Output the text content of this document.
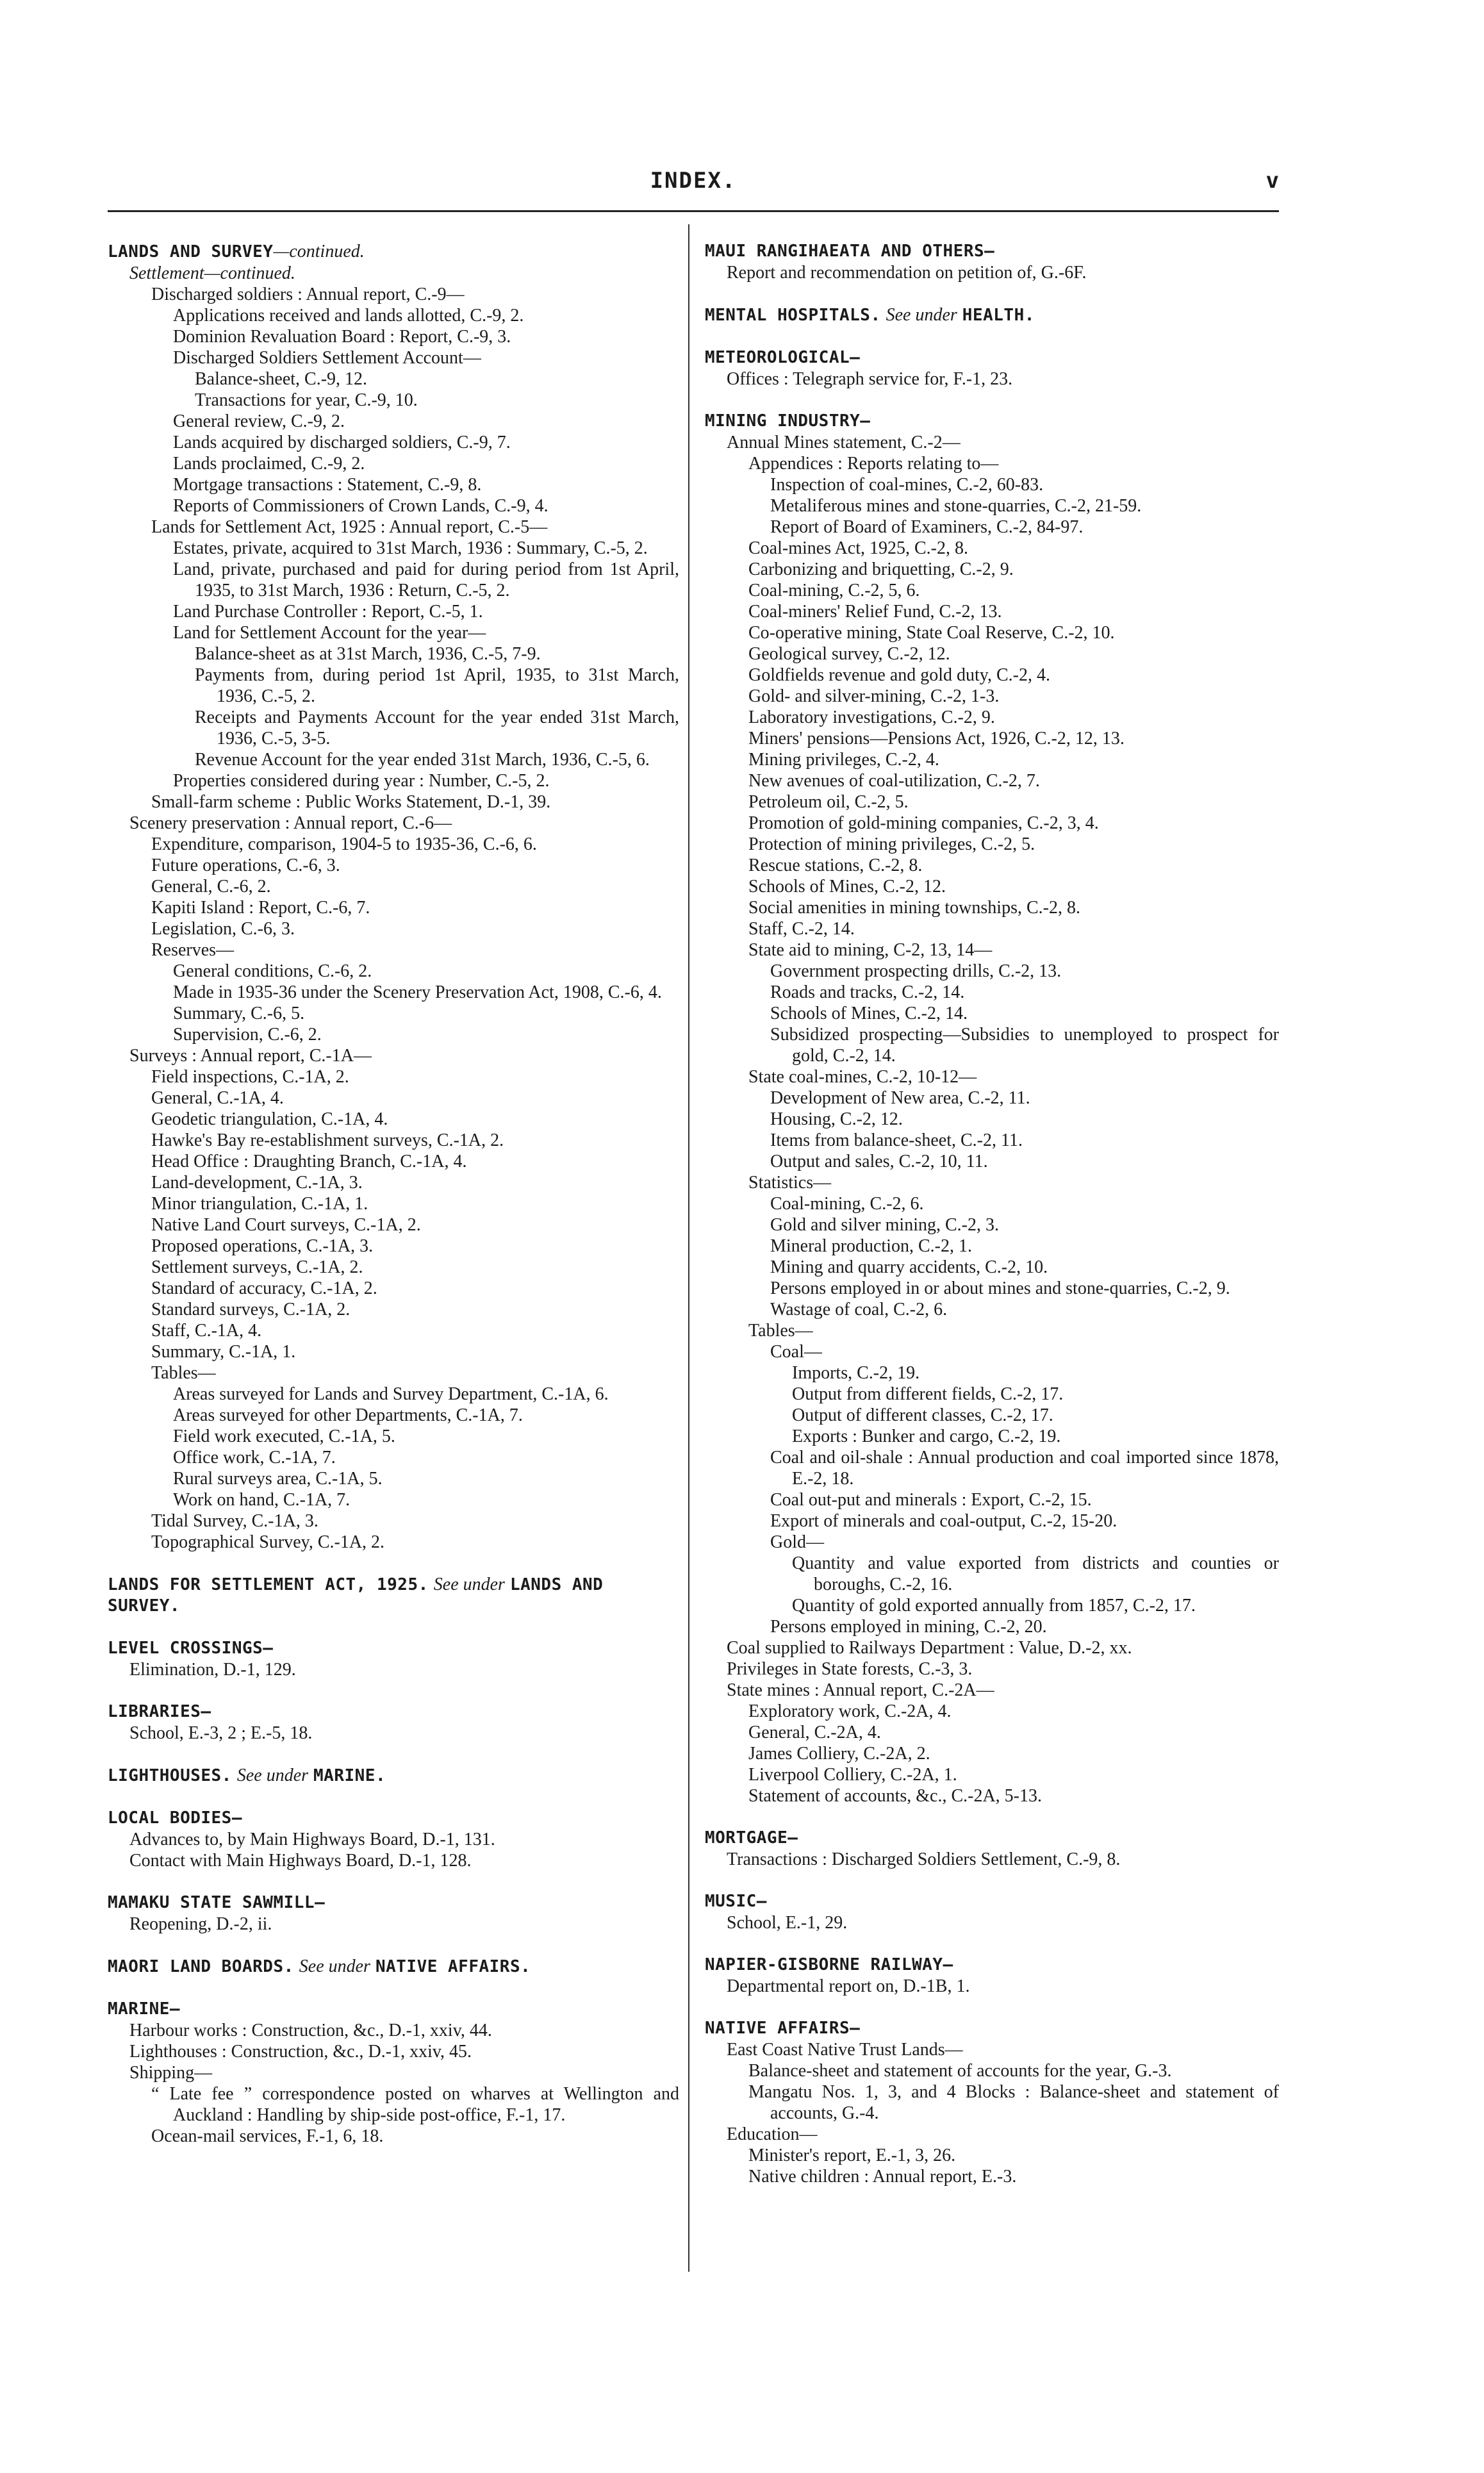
INDEX.	v
LANDS AND SURVEY—continued.
Settlement—continued.
Discharged soldiers : Annual report, C.-9—
Applications received and lands allotted, C.-9, 2.
Dominion Revaluation Board : Report, C.-9, 3.
Discharged Soldiers Settlement Account—
Balance-sheet, C.-9, 12.
Transactions for year, C.-9, 10.
General review, C.-9, 2.
Lands acquired by discharged soldiers, C.-9, 7.
Lands proclaimed, C.-9, 2.
Mortgage transactions : Statement, C.-9, 8.
Reports of Commissioners of Crown Lands, C.-9, 4.
Lands for Settlement Act, 1925 : Annual report, C.-5—
Estates, private, acquired to 31st March, 1936 : Summary, C.-5, 2.
Land, private, purchased and paid for during period from 1st April, 1935, to 31st March, 1936 : Return, C.-5, 2.
Land Purchase Controller : Report, C.-5, 1.
Land for Settlement Account for the year—
Balance-sheet as at 31st March, 1936, C.-5, 7-9.
Payments from, during period 1st April, 1935, to 31st March, 1936, C.-5, 2.
Receipts and Payments Account for the year ended 31st March, 1936, C.-5, 3-5.
Revenue Account for the year ended 31st March, 1936, C.-5, 6.
Properties considered during year : Number, C.-5, 2.
Small-farm scheme : Public Works Statement, D.-1, 39.
Scenery preservation : Annual report, C.-6—
Expenditure, comparison, 1904-5 to 1935-36, C.-6, 6.
Future operations, C.-6, 3.
General, C.-6, 2.
Kapiti Island : Report, C.-6, 7.
Legislation, C.-6, 3.
Reserves—
General conditions, C.-6, 2.
Made in 1935-36 under the Scenery Preservation Act, 1908, C.-6, 4.
Summary, C.-6, 5.
Supervision, C.-6, 2.
Surveys : Annual report, C.-1A—
Field inspections, C.-1A, 2.
General, C.-1A, 4.
Geodetic triangulation, C.-1A, 4.
Hawke's Bay re-establishment surveys, C.-1A, 2.
Head Office : Draughting Branch, C.-1A, 4.
Land-development, C.-1A, 3.
Minor triangulation, C.-1A, 1.
Native Land Court surveys, C.-1A, 2.
Proposed operations, C.-1A, 3.
Settlement surveys, C.-1A, 2.
Standard of accuracy, C.-1A, 2.
Standard surveys, C.-1A, 2.
Staff, C.-1A, 4.
Summary, C.-1A, 1.
Tables—
Areas surveyed for Lands and Survey Department, C.-1A, 6.
Areas surveyed for other Departments, C.-1A, 7.
Field work executed, C.-1A, 5.
Office work, C.-1A, 7.
Rural surveys area, C.-1A, 5.
Work on hand, C.-1A, 7.
Tidal Survey, C.-1A, 3.
Topographical Survey, C.-1A, 2.
LANDS FOR SETTLEMENT ACT, 1925. See under LANDS AND SURVEY.
LEVEL CROSSINGS—
Elimination, D.-1, 129.
LIBRARIES—
School, E.-3, 2 ; E.-5, 18.
LIGHTHOUSES. See under MARINE.
LOCAL BODIES—
Advances to, by Main Highways Board, D.-1, 131.
Contact with Main Highways Board, D.-1, 128.
MAMAKU STATE SAWMILL—
Reopening, D.-2, ii.
MAORI LAND BOARDS. See under NATIVE AFFAIRS.
MARINE—
Harbour works : Construction, &c., D.-1, xxiv, 44.
Lighthouses : Construction, &c., D.-1, xxiv, 45.
Shipping—
“ Late fee ” correspondence posted on wharves at Wellington and Auckland : Handling by ship-side post-office, F.-1, 17.
Ocean-mail services, F.-1, 6, 18.
MAUI RANGIHAEATA AND OTHERS—
Report and recommendation on petition of, G.-6F.
MENTAL HOSPITALS. See under HEALTH.
METEOROLOGICAL—
Offices : Telegraph service for, F.-1, 23.
MINING INDUSTRY—
Annual Mines statement, C.-2—
Appendices : Reports relating to—
Inspection of coal-mines, C.-2, 60-83.
Metaliferous mines and stone-quarries, C.-2, 21-59.
Report of Board of Examiners, C.-2, 84-97.
Coal-mines Act, 1925, C.-2, 8.
Carbonizing and briquetting, C.-2, 9.
Coal-mining, C.-2, 5, 6.
Coal-miners' Relief Fund, C.-2, 13.
Co-operative mining, State Coal Reserve, C.-2, 10.
Geological survey, C.-2, 12.
Goldfields revenue and gold duty, C.-2, 4.
Gold- and silver-mining, C.-2, 1-3.
Laboratory investigations, C.-2, 9.
Miners' pensions—Pensions Act, 1926, C.-2, 12, 13.
Mining privileges, C.-2, 4.
New avenues of coal-utilization, C.-2, 7.
Petroleum oil, C.-2, 5.
Promotion of gold-mining companies, C.-2, 3, 4.
Protection of mining privileges, C.-2, 5.
Rescue stations, C.-2, 8.
Schools of Mines, C.-2, 12.
Social amenities in mining townships, C.-2, 8.
Staff, C.-2, 14.
State aid to mining, C-2, 13, 14—
Government prospecting drills, C.-2, 13.
Roads and tracks, C.-2, 14.
Schools of Mines, C.-2, 14.
Subsidized prospecting—Subsidies to unemployed to prospect for gold, C.-2, 14.
State coal-mines, C.-2, 10-12—
Development of New area, C.-2, 11.
Housing, C.-2, 12.
Items from balance-sheet, C.-2, 11.
Output and sales, C.-2, 10, 11.
Statistics—
Coal-mining, C.-2, 6.
Gold and silver mining, C.-2, 3.
Mineral production, C.-2, 1.
Mining and quarry accidents, C.-2, 10.
Persons employed in or about mines and stone-quarries, C.-2, 9.
Wastage of coal, C.-2, 6.
Tables—
Coal—
Imports, C.-2, 19.
Output from different fields, C.-2, 17.
Output of different classes, C.-2, 17.
Exports : Bunker and cargo, C.-2, 19.
Coal and oil-shale : Annual production and coal imported since 1878, E.-2, 18.
Coal out-put and minerals : Export, C.-2, 15.
Export of minerals and coal-output, C.-2, 15-20.
Gold—
Quantity and value exported from districts and counties or boroughs, C.-2, 16.
Quantity of gold exported annually from 1857, C.-2, 17.
Persons employed in mining, C.-2, 20.
Coal supplied to Railways Department : Value, D.-2, xx.
Privileges in State forests, C.-3, 3.
State mines : Annual report, C.-2A—
Exploratory work, C.-2A, 4.
General, C.-2A, 4.
James Colliery, C.-2A, 2.
Liverpool Colliery, C.-2A, 1.
Statement of accounts, &c., C.-2A, 5-13.
MORTGAGE—
Transactions : Discharged Soldiers Settlement, C.-9, 8.
MUSIC—
School, E.-1, 29.
NAPIER-GISBORNE RAILWAY—
Departmental report on, D.-1B, 1.
NATIVE AFFAIRS—
East Coast Native Trust Lands—
Balance-sheet and statement of accounts for the year, G.-3.
Mangatu Nos. 1, 3, and 4 Blocks : Balance-sheet and statement of accounts, G.-4.
Education—
Minister's report, E.-1, 3, 26.
Native children : Annual report, E.-3.
